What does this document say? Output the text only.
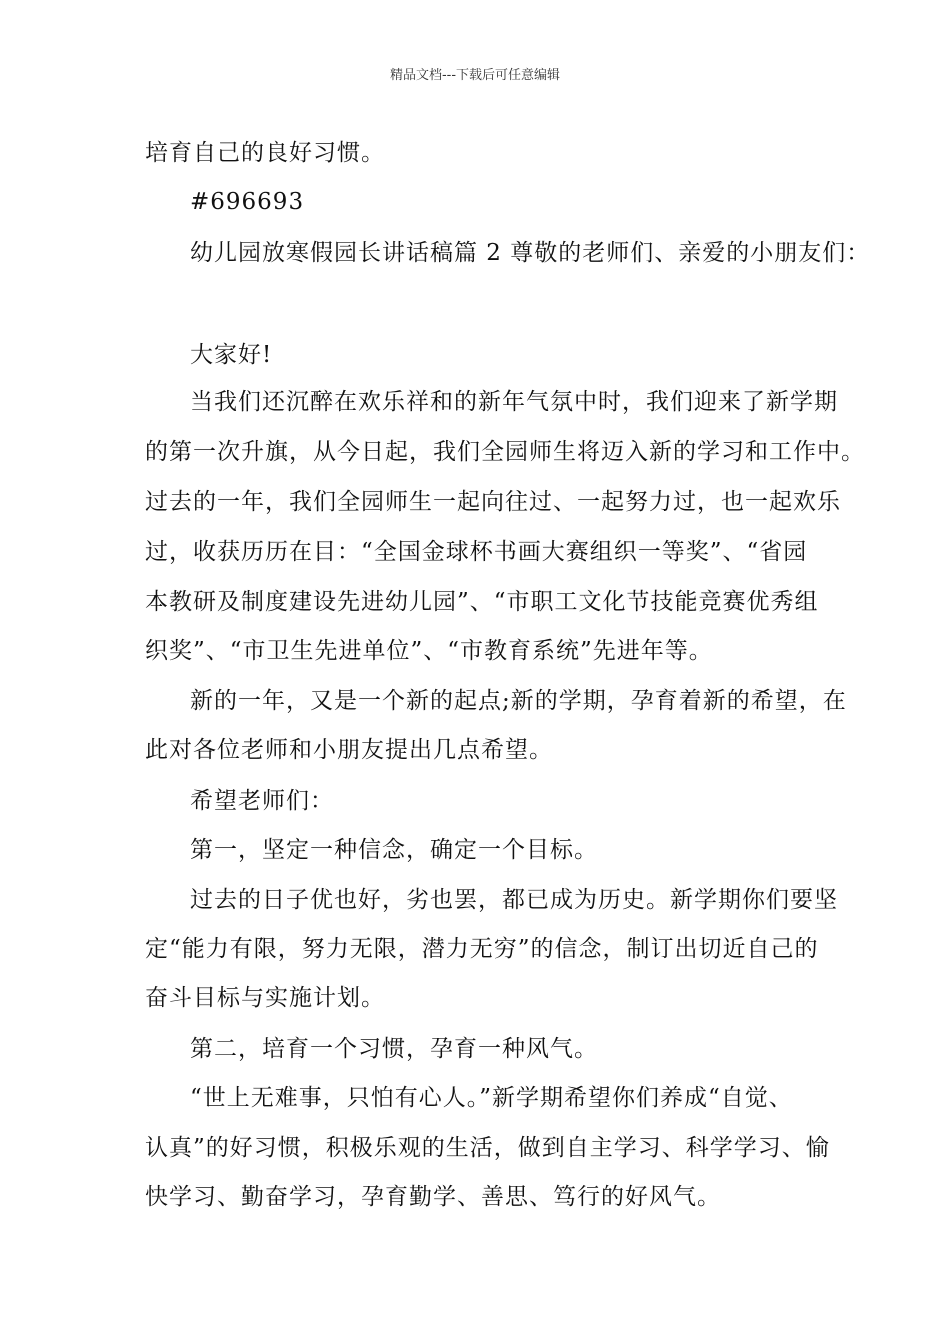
精品文档---下载后可任意编辑
培育自己的良好习惯。
#696693
幼儿园放寒假园长讲话稿篇 2 尊敬的老师们、亲爱的小朋友们：
大家好!
当我们还沉醉在欢乐祥和的新年气氛中时，我们迎来了新学期
的第一次升旗，从今日起，我们全园师生将迈入新的学习和工作中。
过去的一年，我们全园师生一起向往过、一起努力过，也一起欢乐
过，收获历历在目：“全国金球杯书画大赛组织一等奖”、“省园
本教研及制度建设先进幼儿园”、“市职工文化节技能竞赛优秀组
织奖”、“市卫生先进单位”、“市教育系统”先进年等。
新的一年，又是一个新的起点;新的学期，孕育着新的希望，在
此对各位老师和小朋友提出几点希望。
希望老师们：
第一，坚定一种信念，确定一个目标。
过去的日子优也好，劣也罢，都已成为历史。新学期你们要坚
定“能力有限，努力无限，潜力无穷”的信念，制订出切近自己的
奋斗目标与实施计划。
第二，培育一个习惯，孕育一种风气。
“世上无难事，只怕有心人。”新学期希望你们养成“自觉、
认真”的好习惯，积极乐观的生活，做到自主学习、科学学习、愉
快学习、勤奋学习，孕育勤学、善思、笃行的好风气。
